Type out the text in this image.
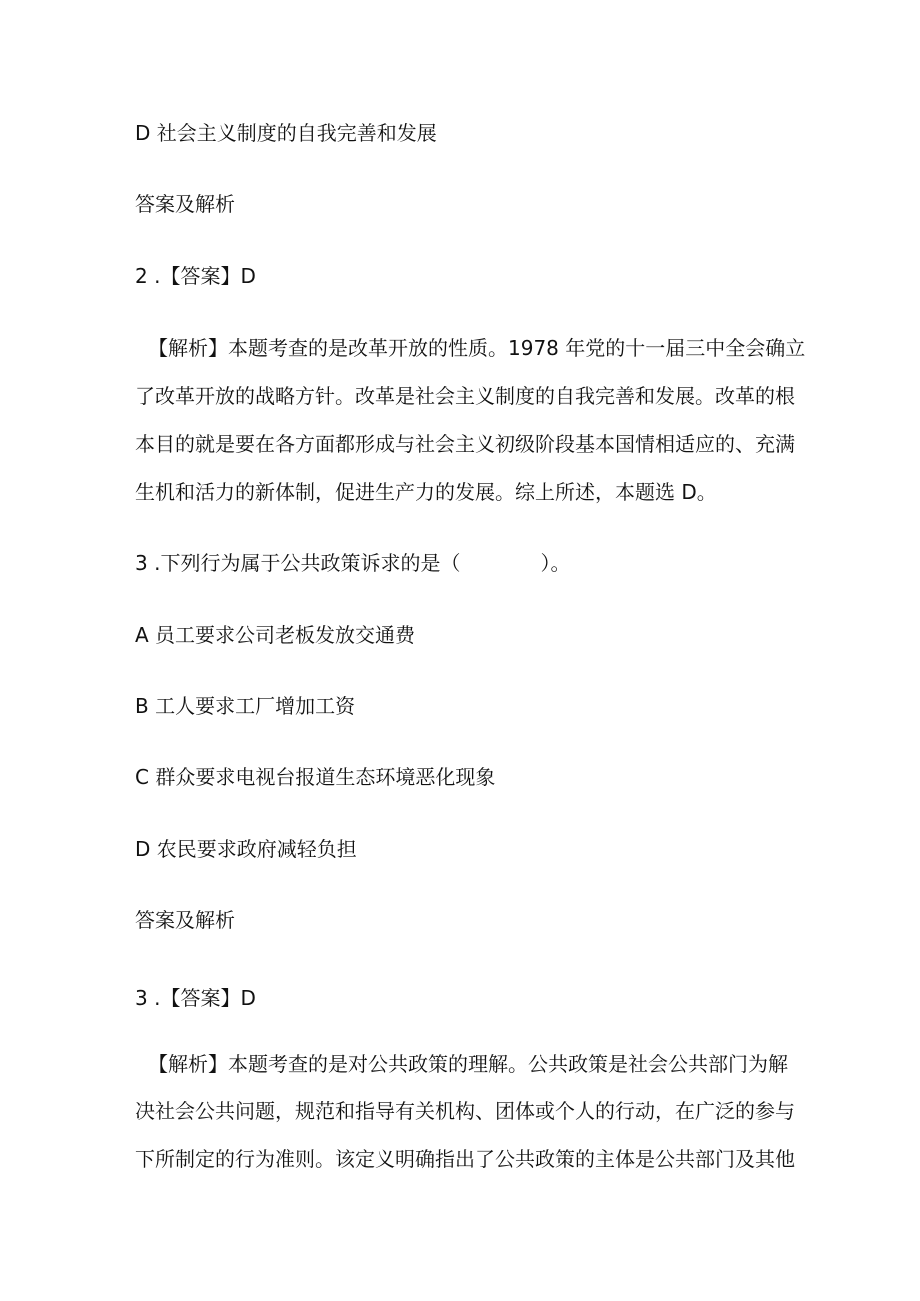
D 社会主义制度的自我完善和发展
答案及解析
2 .【答案】D
【解析】本题考查的是改革开放的性质。1978 年党的十一届三中全会确立
了改革开放的战略方针。改革是社会主义制度的自我完善和发展。改革的根
本目的就是要在各方面都形成与社会主义初级阶段基本国情相适应的、充满
生机和活力的新体制，促进生产力的发展。综上所述，本题选 D。
3 .下列行为属于公共政策诉求的是（　　　　）。
A 员工要求公司老板发放交通费
B 工人要求工厂增加工资
C 群众要求电视台报道生态环境恶化现象
D 农民要求政府减轻负担
答案及解析
3 .【答案】D
【解析】本题考查的是对公共政策的理解。公共政策是社会公共部门为解
决社会公共问题，规范和指导有关机构、团体或个人的行动，在广泛的参与
下所制定的行为准则。该定义明确指出了公共政策的主体是公共部门及其他
